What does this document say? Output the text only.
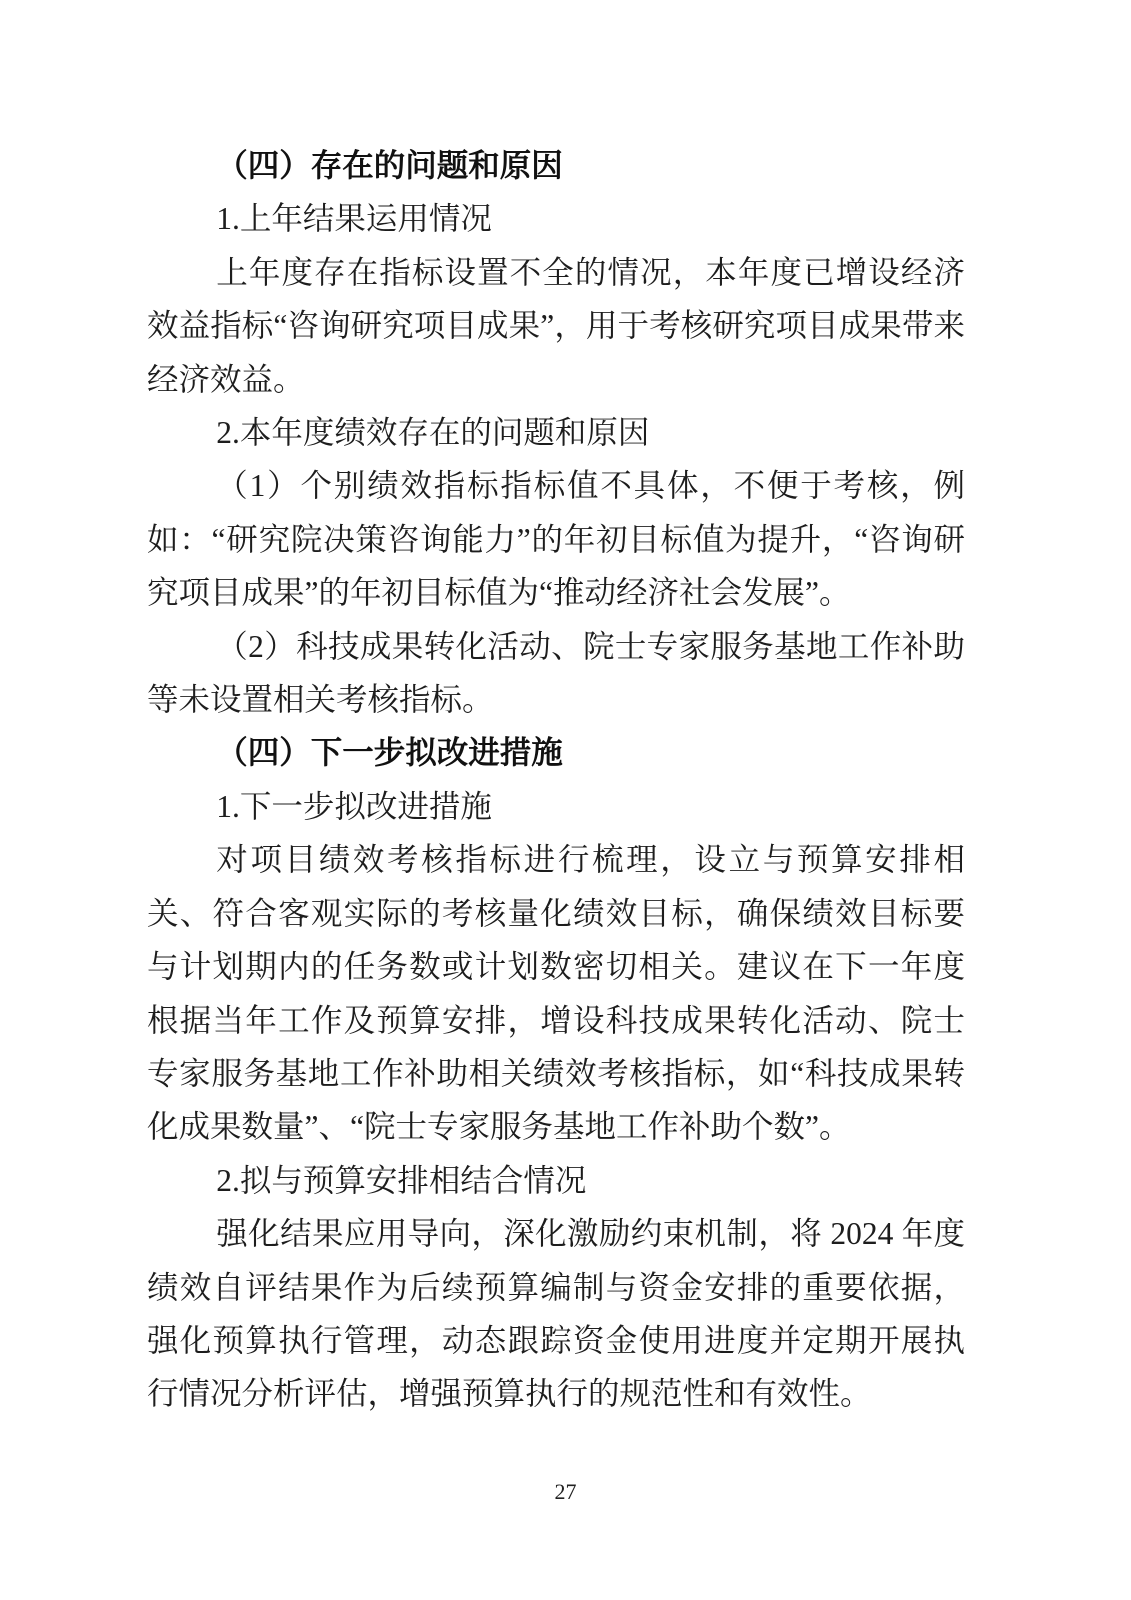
（四）存在的问题和原因
1.上年结果运用情况
上年度存在指标设置不全的情况，本年度已增设经济效益指标“咨询研究项目成果”，用于考核研究项目成果带来经济效益。
2.本年度绩效存在的问题和原因
（1）个别绩效指标指标值不具体，不便于考核，例如：“研究院决策咨询能力”的年初目标值为提升，“咨询研究项目成果”的年初目标值为“推动经济社会发展”。
（2）科技成果转化活动、院士专家服务基地工作补助等未设置相关考核指标。
（四）下一步拟改进措施
1.下一步拟改进措施
对项目绩效考核指标进行梳理，设立与预算安排相关、符合客观实际的考核量化绩效目标，确保绩效目标要与计划期内的任务数或计划数密切相关。建议在下一年度根据当年工作及预算安排，增设科技成果转化活动、院士专家服务基地工作补助相关绩效考核指标，如“科技成果转化成果数量”、“院士专家服务基地工作补助个数”。
2.拟与预算安排相结合情况
强化结果应用导向，深化激励约束机制，将 2024 年度绩效自评结果作为后续预算编制与资金安排的重要依据，强化预算执行管理，动态跟踪资金使用进度并定期开展执行情况分析评估，增强预算执行的规范性和有效性。
27
